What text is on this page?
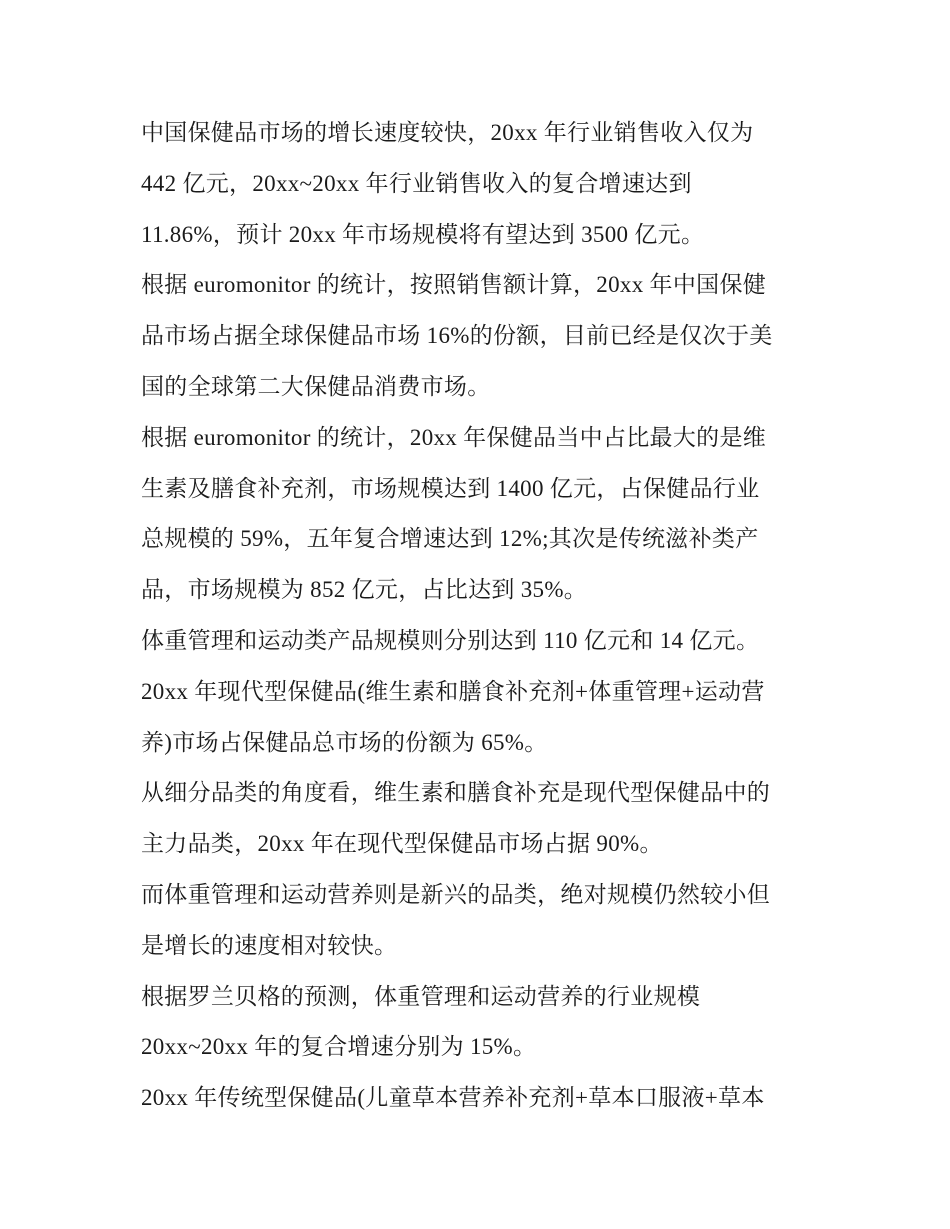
中国保健品市场的增长速度较快，20xx 年行业销售收入仅为
442 亿元，20xx~20xx 年行业销售收入的复合增速达到
11.86%，预计 20xx 年市场规模将有望达到 3500 亿元。
根据 euromonitor 的统计，按照销售额计算，20xx 年中国保健
品市场占据全球保健品市场 16%的份额，目前已经是仅次于美
国的全球第二大保健品消费市场。
根据 euromonitor 的统计，20xx 年保健品当中占比最大的是维
生素及膳食补充剂，市场规模达到 1400 亿元，占保健品行业
总规模的 59%，五年复合增速达到 12%;其次是传统滋补类产
品，市场规模为 852 亿元，占比达到 35%。
体重管理和运动类产品规模则分别达到 110 亿元和 14 亿元。
20xx 年现代型保健品(维生素和膳食补充剂+体重管理+运动营
养)市场占保健品总市场的份额为 65%。
从细分品类的角度看，维生素和膳食补充是现代型保健品中的
主力品类，20xx 年在现代型保健品市场占据 90%。
而体重管理和运动营养则是新兴的品类，绝对规模仍然较小但
是增长的速度相对较快。
根据罗兰贝格的预测，体重管理和运动营养的行业规模
20xx~20xx 年的复合增速分别为 15%。
20xx 年传统型保健品(儿童草本营养补充剂+草本口服液+草本
